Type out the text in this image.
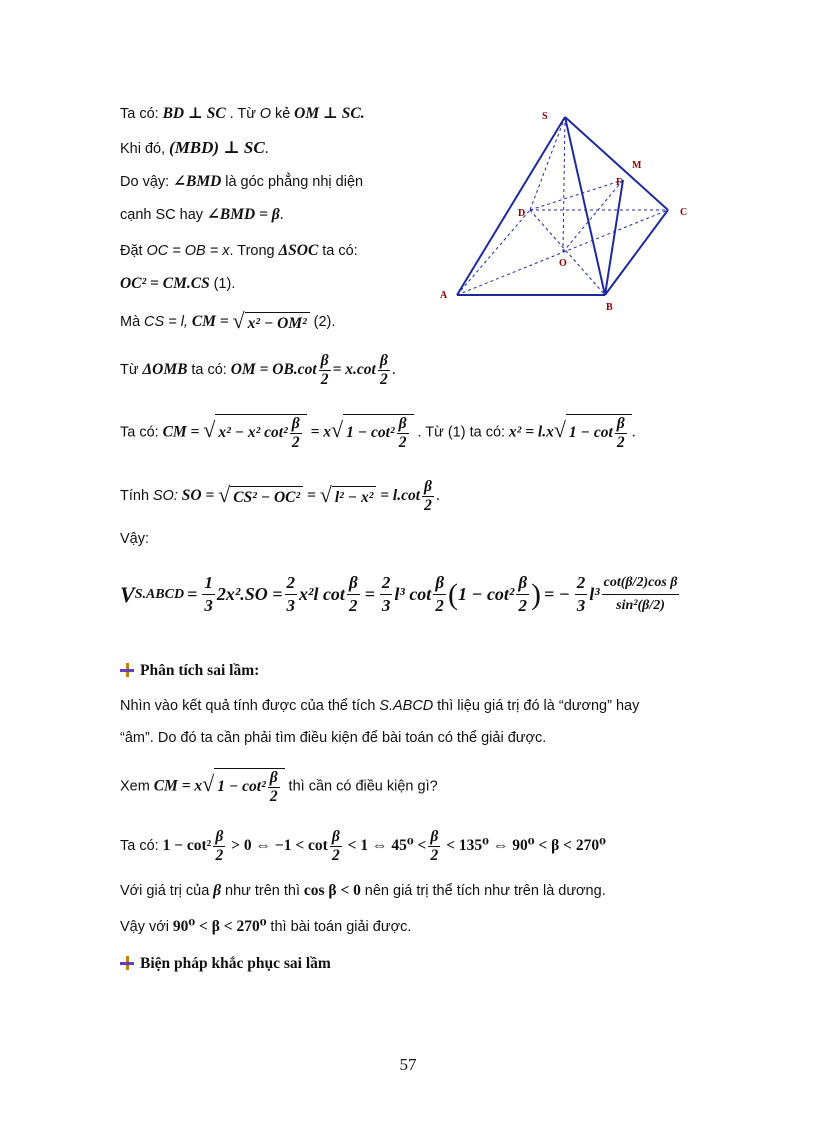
S
M
F
D	C
O
A
B
Ta có: BD ⊥ SC . Từ O kẻ OM ⊥ SC.
Khi đó, (MBD) ⊥ SC.
Do vậy: ∠BMD là góc phẳng nhị diện
cạnh SC hay ∠BMD = β.
Đặt OC = OB = x. Trong ΔSOC ta có:
OC² = CM.CS (1).
Mà CS = l, CM = √ x² − OM² (2).
Từ ΔOMB ta có: OM = $OB.\cot \frac{\beta}{2} = x.\cot \frac{\beta}{2}$ .
Ta có: CM = √ x² − x² $\cot^2 \frac{\beta}{2} = x√$ $1 - \cot^2 \frac{\beta}{2}$ . Từ (1) ta có: x² = l.x√ $1 - \cot \frac{\beta}{2}$ .
Tính SO: SO = √ CS² − OC² = √ $l^2 - x^2 = l.\cot \frac{\beta}{2}$ .
Vậy:
V S.ABCD = $\frac{1}{3} 2x^2.SO = \frac{2}{3} x^2l$ $\cot \frac{\beta}{2} = \frac{2}{3} l^3$ $\cot \frac{\beta}{2}$ ( $1 - \cot^2 \frac{\beta}{2}$ ) = − $\frac{2}{3} l^3 \frac{\text{cot(β/2)cos β}}{\text{sin²(β/2)}}$
Phân tích sai lầm:
Nhìn vào kết quả tính được của thể tích S.ABCD thì liệu giá trị đó là “dương” hay
“âm”. Do đó ta cần phải tìm điều kiện để bài toán có thể giải được.
Xem CM = x√ $1 - \cot^2 \frac{\beta}{2}$ thì cần có điều kiện gì?
Ta có: $1 - \cot^2 \frac{\beta}{2} > 0$ ⇔ $-1 < \cot \frac{\beta}{2} < 1$ ⇔ $45^0 < \frac{\beta}{2} < 135^0$ ⇔ 90⁰ < β < 270⁰
Với giá trị của β như trên thì cos β < 0 nên giá trị thể tích như trên là dương.
Vậy với 90⁰ < β < 270⁰ thì bài toán giải được.
Biện pháp khắc phục sai lầm
57
